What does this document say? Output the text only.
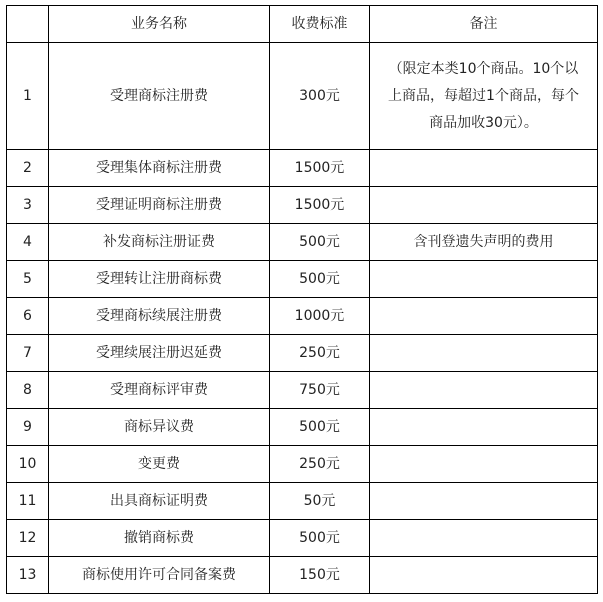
	业务名称	收费标准	备注
1	受理商标注册费	300元	（限定本类10个商品。10个以
上商品，每超过1个商品，每个
商品加收30元）。

2	受理集体商标注册费	1500元	
3	受理证明商标注册费	1500元	
4	补发商标注册证费	500元	含刊登遗失声明的费用
5	受理转让注册商标费	500元	
6	受理商标续展注册费	1000元	
7	受理续展注册迟延费	250元	
8	受理商标评审费	750元	
9	商标异议费	500元	
10	变更费	250元	
11	出具商标证明费	50元	
12	撤销商标费	500元	
13	商标使用许可合同备案费	150元	
